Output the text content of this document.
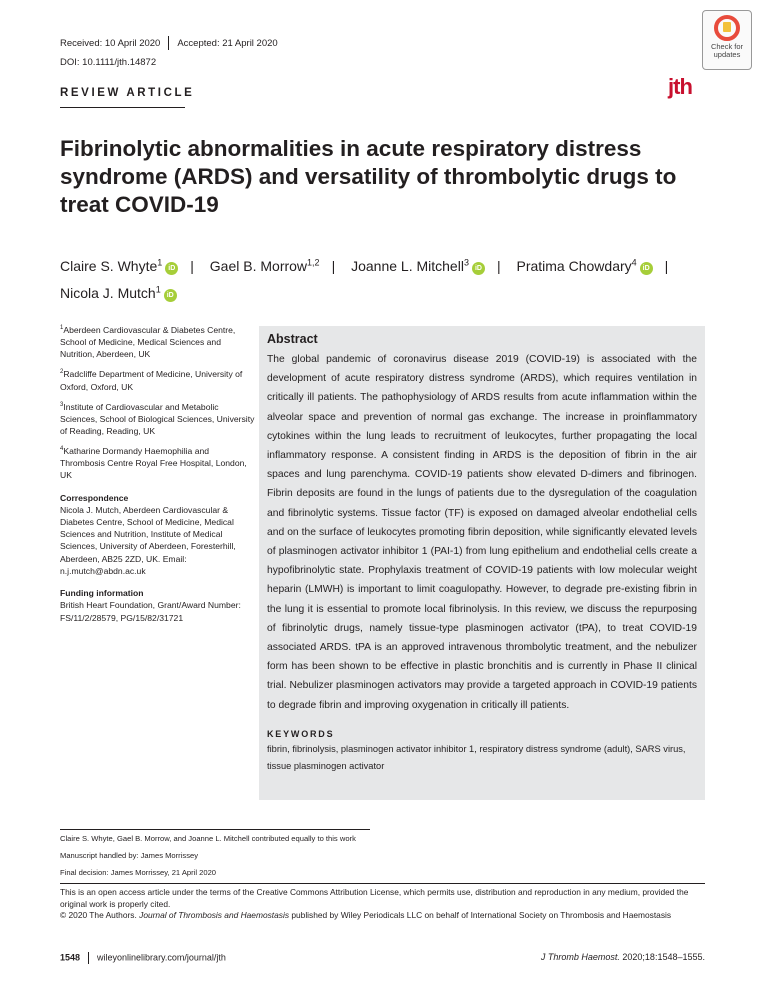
Received: 10 April 2020 Accepted: 21 April 2020
DOI: 10.1111/jth.14872
REVIEW ARTICLE
Check for
updates
jth
Fibrinolytic abnormalities in acute respiratory distress syndrome (ARDS) and versatility of thrombolytic drugs to treat COVID-19
Claire S. Whyte$^1$iD | Gael B. Morrow$^{1,2}$ | Joanne L. Mitchell$^3$iD | Pratima Chowdary$^4$iD |
Nicola J. Mutch$^1$iD
$^1$Aberdeen Cardiovascular & Diabetes Centre, School of Medicine, Medical Sciences and Nutrition, Aberdeen, UK
$^2$Radcliffe Department of Medicine, University of Oxford, Oxford, UK
$^3$Institute of Cardiovascular and Metabolic Sciences, School of Biological Sciences, University of Reading, Reading, UK
$^4$Katharine Dormandy Haemophilia and Thrombosis Centre Royal Free Hospital, London, UK
Correspondence
Nicola J. Mutch, Aberdeen Cardiovascular & Diabetes Centre, School of Medicine, Medical Sciences and Nutrition, Institute of Medical Sciences, University of Aberdeen, Foresterhill, Aberdeen, AB25 2ZD, UK. Email: n.j.mutch@abdn.ac.uk
Funding information
British Heart Foundation, Grant/Award Number: FS/11/2/28579, PG/15/82/31721
Abstract

The global pandemic of coronavirus disease 2019 (COVID-19) is associated with the development of acute respiratory distress syndrome (ARDS), which requires ventilation in critically ill patients. The pathophysiology of ARDS results from acute inflammation within the alveolar space and prevention of normal gas exchange. The increase in proinflammatory cytokines within the lung leads to recruitment of leukocytes, further propagating the local inflammatory response. A consistent finding in ARDS is the deposition of fibrin in the air spaces and lung parenchyma. COVID-19 patients show elevated D-dimers and fibrinogen. Fibrin deposits are found in the lungs of patients due to the dysregulation of the coagulation and fibrinolytic systems. Tissue factor (TF) is exposed on damaged alveolar endothelial cells and on the surface of leukocytes promoting fibrin deposition, while significantly elevated levels of plasminogen activator inhibitor 1 (PAI-1) from lung epithelium and endothelial cells create a hypofibrinolytic state. Prophylaxis treatment of COVID-19 patients with low molecular weight heparin (LMWH) is important to limit coagulopathy. However, to degrade pre-existing fibrin in the lung it is essential to promote local fibrinolysis. In this review, we discuss the repurposing of fibrinolytic drugs, namely tissue-type plasminogen activator (tPA), to treat COVID-19 associated ARDS. tPA is an approved intravenous thrombolytic treatment, and the nebulizer form has been shown to be effective in plastic bronchitis and is currently in Phase II clinical trial. Nebulizer plasminogen activators may provide a targeted approach in COVID-19 patients to degrade fibrin and improving oxygenation in critically ill patients.

KEYWORDS
fibrin, fibrinolysis, plasminogen activator inhibitor 1, respiratory distress syndrome (adult), SARS virus, tissue plasminogen activator

Claire S. Whyte, Gael B. Morrow, and Joanne L. Mitchell contributed equally to this work

Manuscript handled by: James Morrissey

Final decision: James Morrissey, 21 April 2020

This is an open access article under the terms of the Creative Commons Attribution License, which permits use, distribution and reproduction in any medium, provided the original work is properly cited.
© 2020 The Authors. Journal of Thrombosis and Haemostasis published by Wiley Periodicals LLC on behalf of International Society on Thrombosis and Haemostasis
1548 wileyonlinelibrary.com/journal/jth	J Thromb Haemost. 2020;18:1548–1555.
